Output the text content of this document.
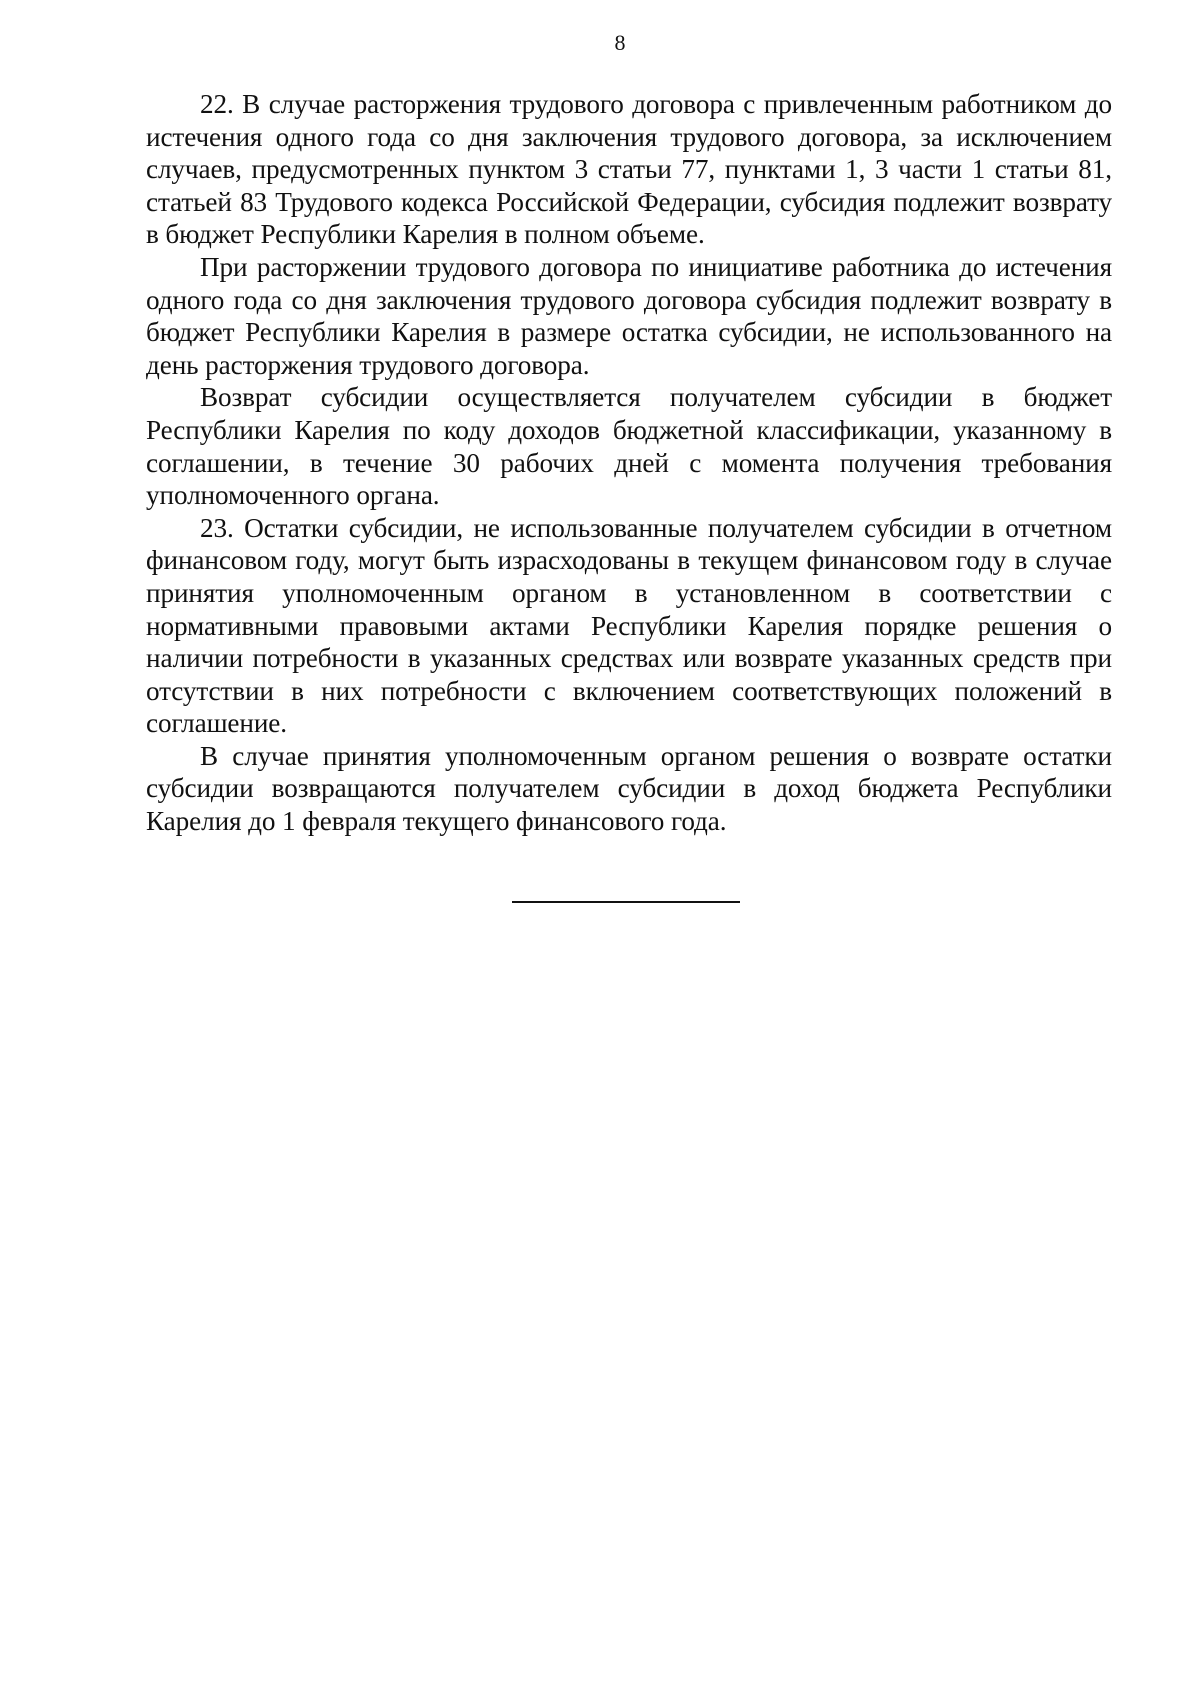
8

22. В случае расторжения трудового договора с привлеченным работником до истечения одного года со дня заключения трудового договора, за исключением случаев, предусмотренных пунктом 3 статьи 77, пунктами 1, 3 части 1 статьи 81, статьей 83 Трудового кодекса Российской Федерации, субсидия подлежит возврату в бюджет Республики Карелия в полном объеме.

При расторжении трудового договора по инициативе работника до истечения одного года со дня заключения трудового договора субсидия подлежит возврату в бюджет Республики Карелия в размере остатка субсидии, не использованного на день расторжения трудового договора.

Возврат субсидии осуществляется получателем субсидии в бюджет Республики Карелия по коду доходов бюджетной классификации, указанному в соглашении, в течение 30 рабочих дней с момента получения требования уполномоченного органа.

23. Остатки субсидии, не использованные получателем субсидии в отчетном финансовом году, могут быть израсходованы в текущем финансовом году в случае принятия уполномоченным органом в установленном в соответствии с нормативными правовыми актами Республики Карелия порядке решения о наличии потребности в указанных средствах или возврате указанных средств при отсутствии в них потребности с включением соответствующих положений в соглашение.

В случае принятия уполномоченным органом решения о возврате остатки субсидии возвращаются получателем субсидии в доход бюджета Республики Карелия до 1 февраля текущего финансового года.
